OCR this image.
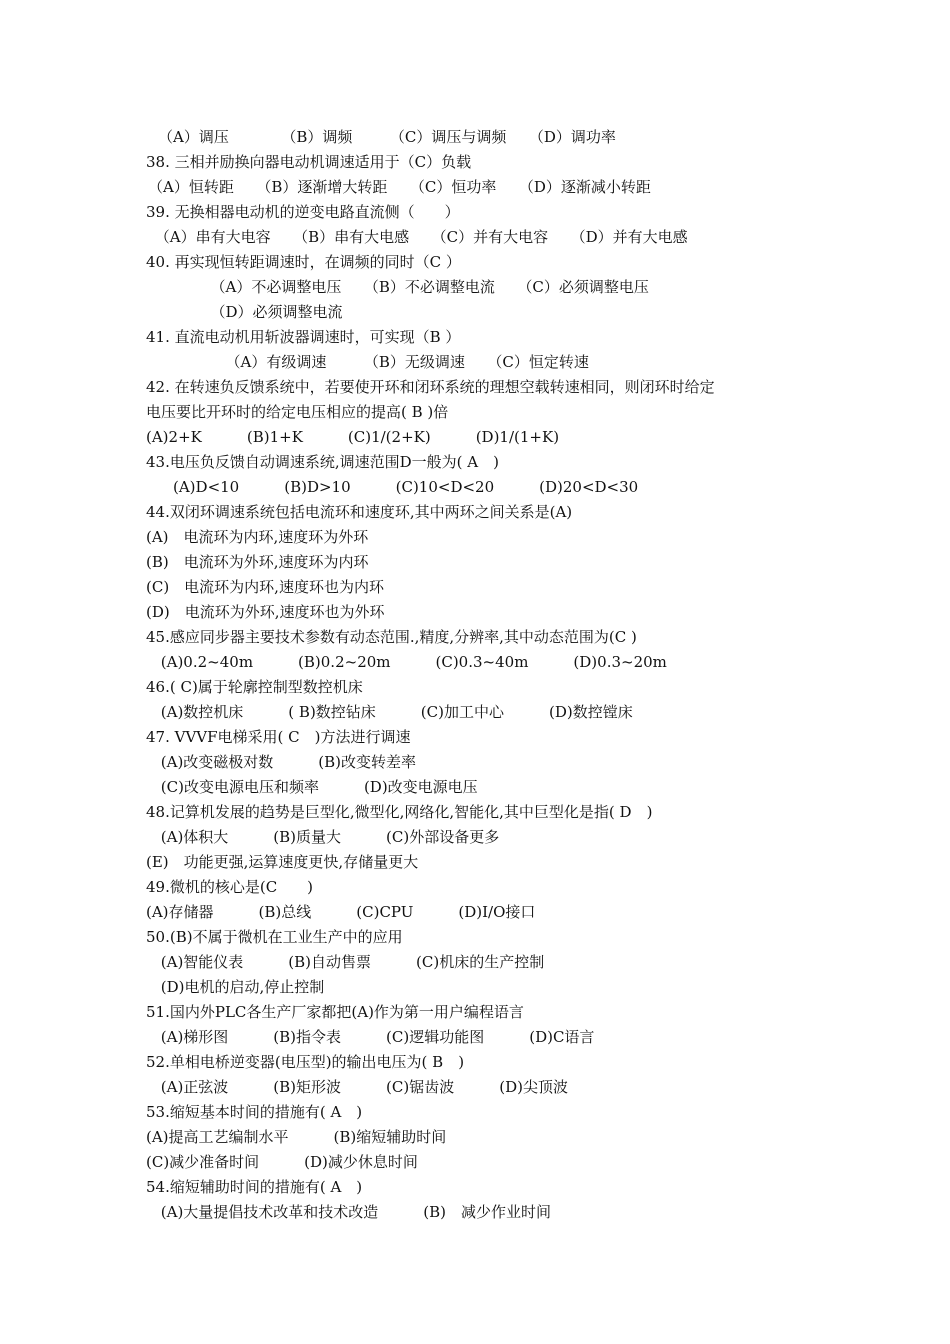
（A）调压　　　　（B）调频　　　（C）调压与调频　　（D）调功率
38. 三相并励换向器电动机调速适用于（C）负载
（A）恒转距　　（B）逐渐增大转距　　（C）恒功率　　（D）逐渐减小转距
39. 无换相器电动机的逆变电路直流侧（　　）
（A）串有大电容　　（B）串有大电感　　（C）并有大电容　　（D）并有大电感
40. 再实现恒转距调速时，在调频的同时（C ）
　　　　（A）不必调整电压　　（B）不必调整电流　　（C）必须调整电压
　　　　（D）必须调整电流
41. 直流电动机用斩波器调速时，可实现（B ）
　　　　　（A）有级调速　　　（B）无级调速　　（C）恒定转速
42. 在转速负反馈系统中，若要使开环和闭环系统的理想空载转速相同，则闭环时给定
电压要比开环时的给定电压相应的提高( B )倍
(A)2+K　　　(B)1+K　　　(C)1/(2+K)　　　(D)1/(1+K)
43.电压负反馈自动调速系统,调速范围D一般为( A　)
　(A)D<10　　　(B)D>10　　　(C)10<D<20　　　(D)20<D<30
44.双闭环调速系统包括电流环和速度环,其中两环之间关系是(A)
(A)　电流环为内环,速度环为外环
(B)　电流环为外环,速度环为内环
(C)　电流环为内环,速度环也为内环
(D)　电流环为外环,速度环也为外环
45.感应同步器主要技术参数有动态范围.,精度,分辨率,其中动态范围为(C )
(A)0.2~40m　　　(B)0.2~20m　　　(C)0.3~40m　　　(D)0.3~20m
46.( C)属于轮廓控制型数控机床
(A)数控机床　　　( B)数控钻床　　　(C)加工中心　　　(D)数控镗床
47. VVVF电梯采用( C　)方法进行调速
(A)改变磁极对数　　　(B)改变转差率
(C)改变电源电压和频率　　　(D)改变电源电压
48.记算机发展的趋势是巨型化,微型化,网络化,智能化,其中巨型化是指( D　)
(A)体积大　　　(B)质量大　　　(C)外部设备更多
(E)　功能更强,运算速度更快,存储量更大
49.微机的核心是(C　　)
(A)存储器　　　(B)总线　　　(C)CPU　　　(D)I/O接口
50.(B)不属于微机在工业生产中的应用
(A)智能仪表　　　(B)自动售票　　　(C)机床的生产控制
(D)电机的启动,停止控制
51.国内外PLC各生产厂家都把(A)作为第一用户编程语言
(A)梯形图　　　(B)指令表　　　(C)逻辑功能图　　　(D)C语言
52.单相电桥逆变器(电压型)的输出电压为( B　)
(A)正弦波　　　(B)矩形波　　　(C)锯齿波　　　(D)尖顶波
53.缩短基本时间的措施有( A　)
(A)提高工艺编制水平　　　(B)缩短辅助时间
(C)减少准备时间　　　(D)减少休息时间
54.缩短辅助时间的措施有( A　)
(A)大量提倡技术改革和技术改造　　　(B)　减少作业时间
